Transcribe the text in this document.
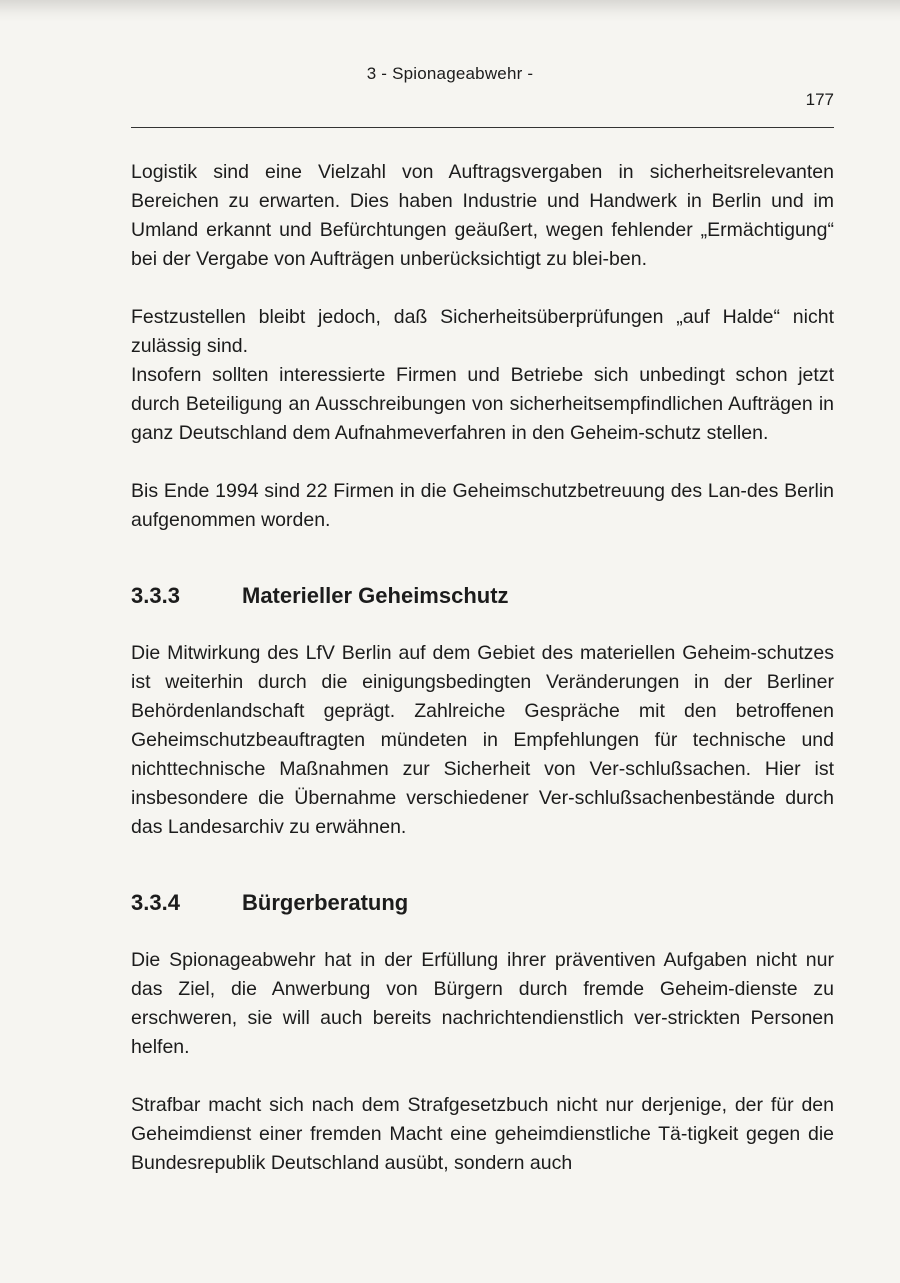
3 - Spionageabwehr -
177

Logistik sind eine Vielzahl von Auftragsvergaben in sicherheitsrelevanten Bereichen zu erwarten. Dies haben Industrie und Handwerk in Berlin und im Umland erkannt und Befürchtungen geäußert, wegen fehlender „Ermächtigung“ bei der Vergabe von Aufträgen unberücksichtigt zu blei-ben.

Festzustellen bleibt jedoch, daß Sicherheitsüberprüfungen „auf Halde“ nicht zulässig sind.

Insofern sollten interessierte Firmen und Betriebe sich unbedingt schon jetzt durch Beteiligung an Ausschreibungen von sicherheitsempfindlichen Aufträgen in ganz Deutschland dem Aufnahmeverfahren in den Geheim-schutz stellen.

Bis Ende 1994 sind 22 Firmen in die Geheimschutzbetreuung des Lan-des Berlin aufgenommen worden.

3.3.3	Materieller Geheimschutz

Die Mitwirkung des LfV Berlin auf dem Gebiet des materiellen Geheim-schutzes ist weiterhin durch die einigungsbedingten Veränderungen in der Berliner Behördenlandschaft geprägt. Zahlreiche Gespräche mit den betroffenen Geheimschutzbeauftragten mündeten in Empfehlungen für technische und nichttechnische Maßnahmen zur Sicherheit von Ver-schlußsachen. Hier ist insbesondere die Übernahme verschiedener Ver-schlußsachenbestände durch das Landesarchiv zu erwähnen.

3.3.4	Bürgerberatung

Die Spionageabwehr hat in der Erfüllung ihrer präventiven Aufgaben nicht nur das Ziel, die Anwerbung von Bürgern durch fremde Geheim-dienste zu erschweren, sie will auch bereits nachrichtendienstlich ver-strickten Personen helfen.

Strafbar macht sich nach dem Strafgesetzbuch nicht nur derjenige, der für den Geheimdienst einer fremden Macht eine geheimdienstliche Tä-tigkeit gegen die Bundesrepublik Deutschland ausübt, sondern auch
